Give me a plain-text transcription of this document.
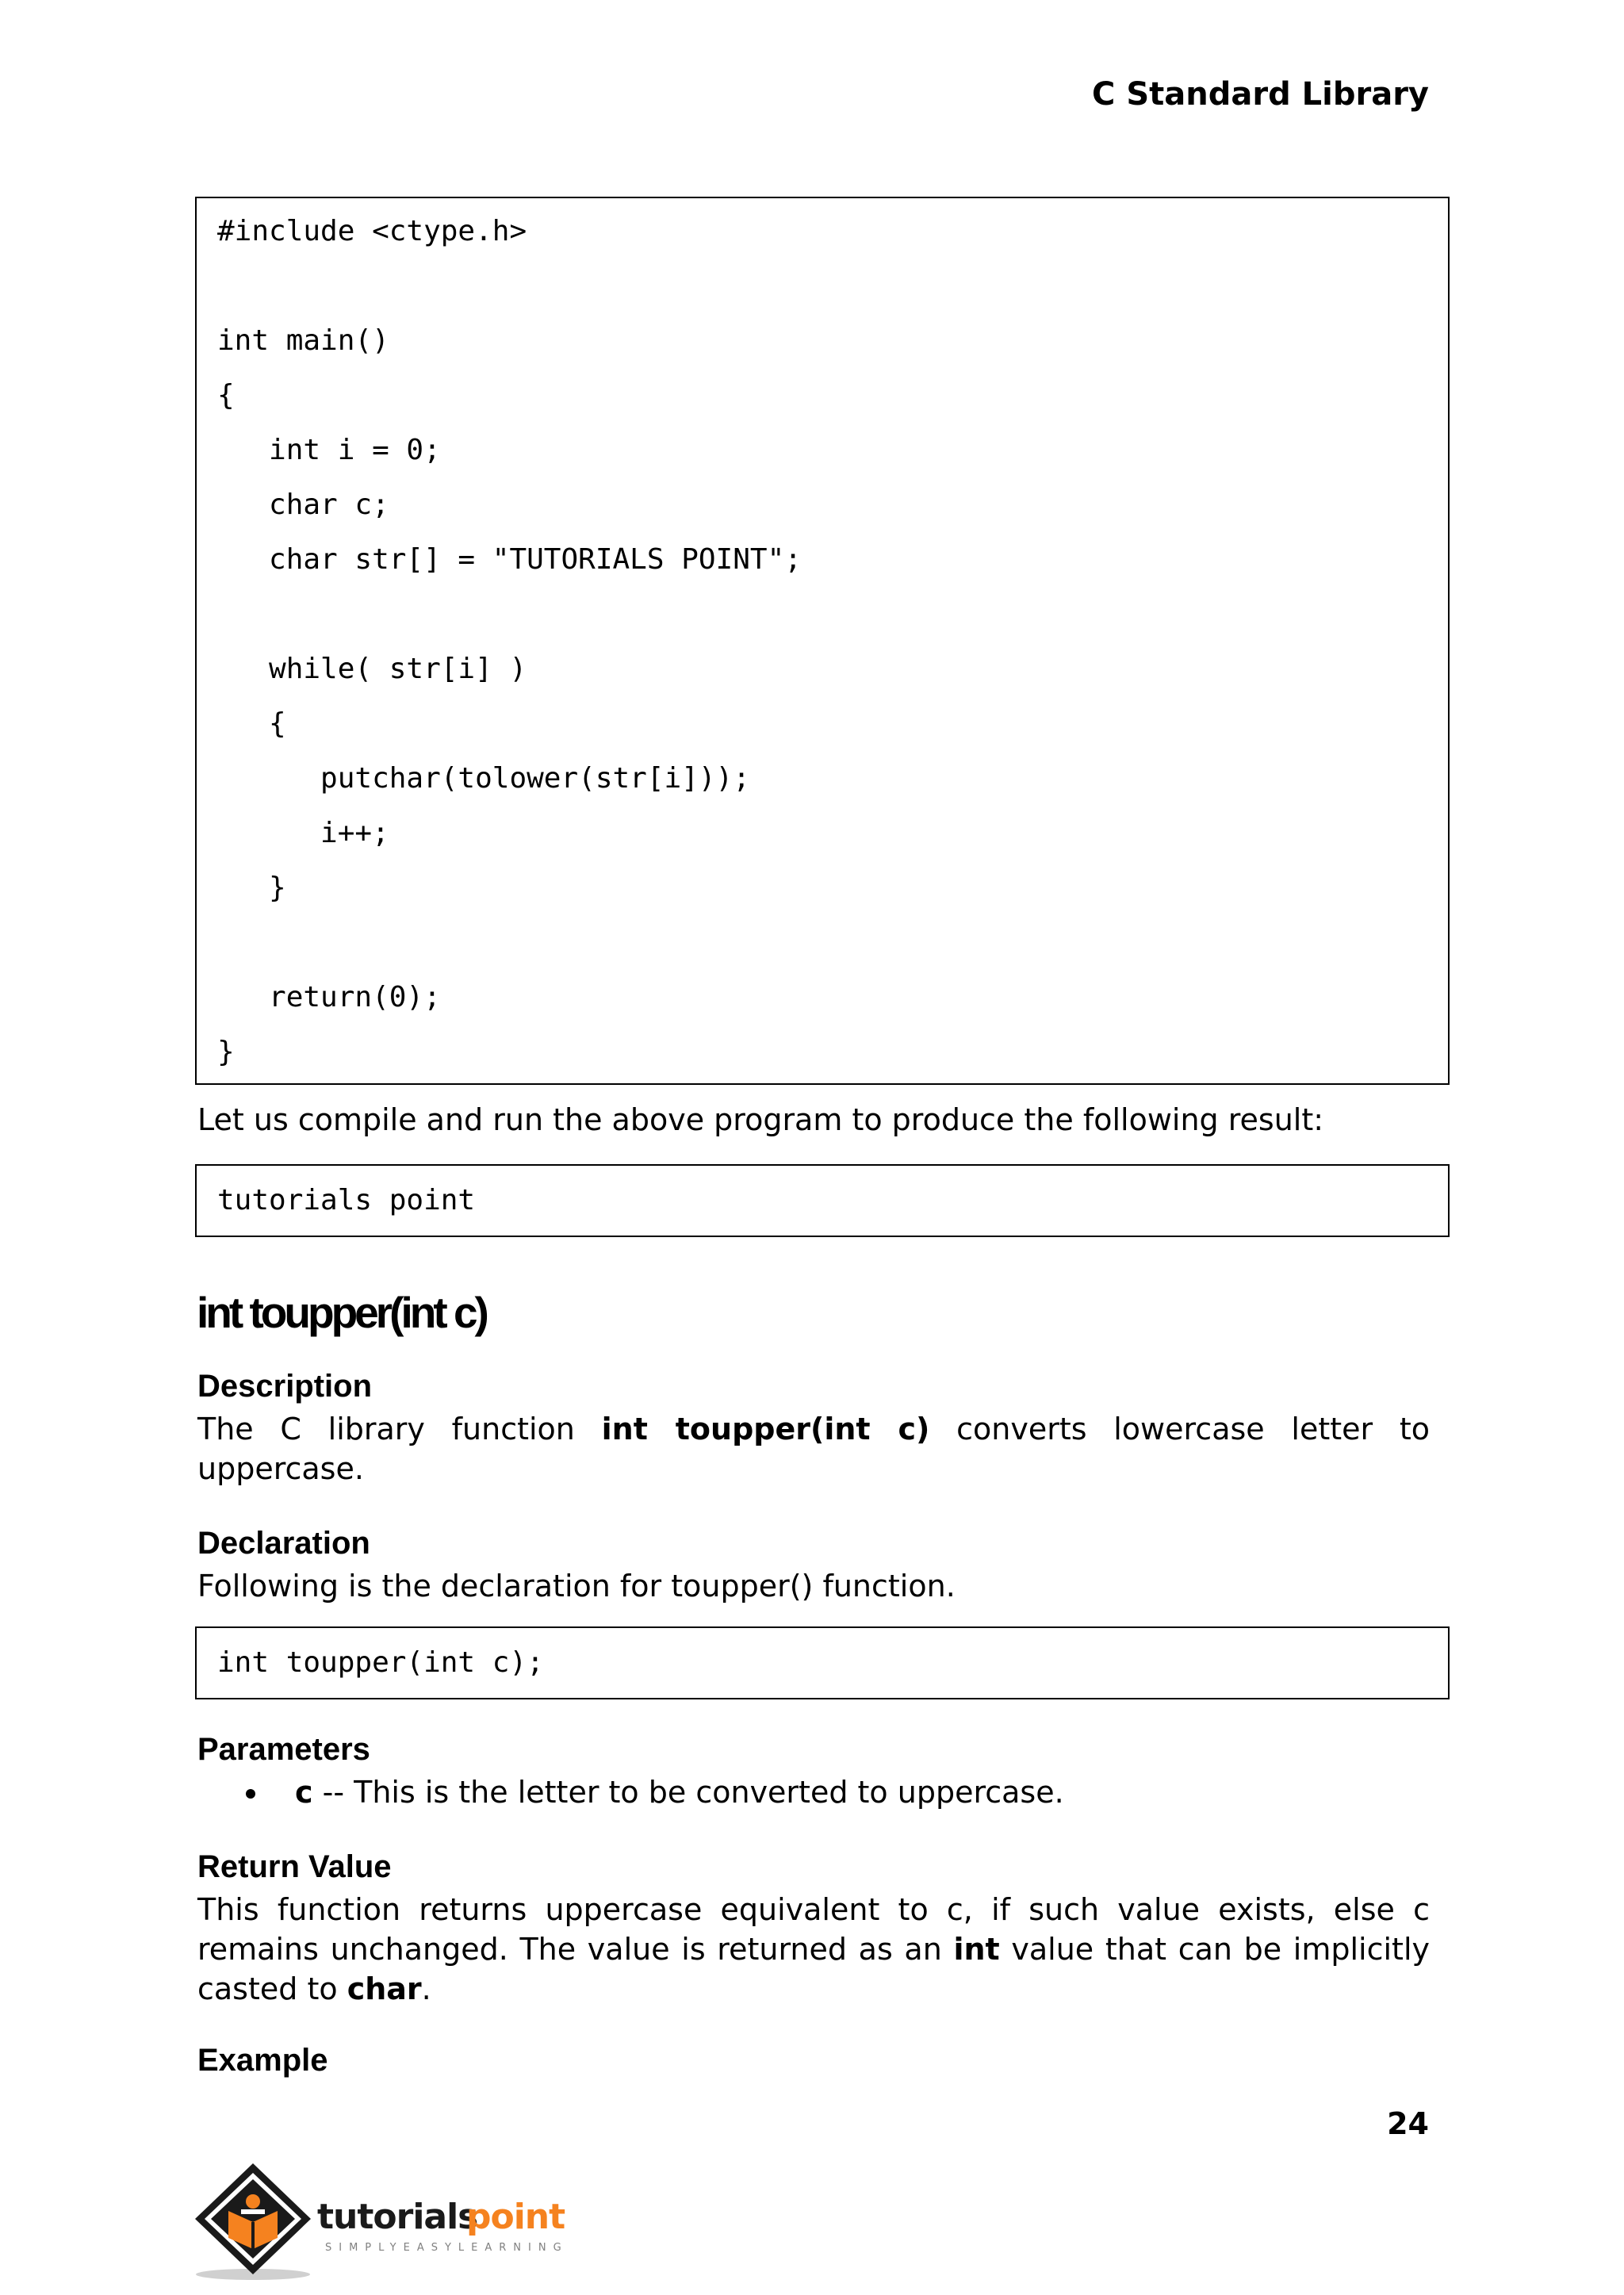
C Standard Library
#include <ctype.h>
int main()
{
int i = 0;
char c;
char str[] = "TUTORIALS POINT";
while( str[i] )
{
putchar(tolower(str[i]));
i++;
}
return(0);
}

Let us compile and run the above program to produce the following result:

tutorials point
int toupper(int c)
Description

The C library function int toupper(int c) converts lowercase letter to

uppercase.

Declaration

Following is the declaration for toupper() function.

int toupper(int c);
Parameters
c -- This is the letter to be converted to uppercase.
Return Value

This function returns uppercase equivalent to c, if such value exists, else c

remains unchanged. The value is returned as an int value that can be implicitly

casted to char.

Example

24

tutorials
point
SIMPLYEASYLEARNING
